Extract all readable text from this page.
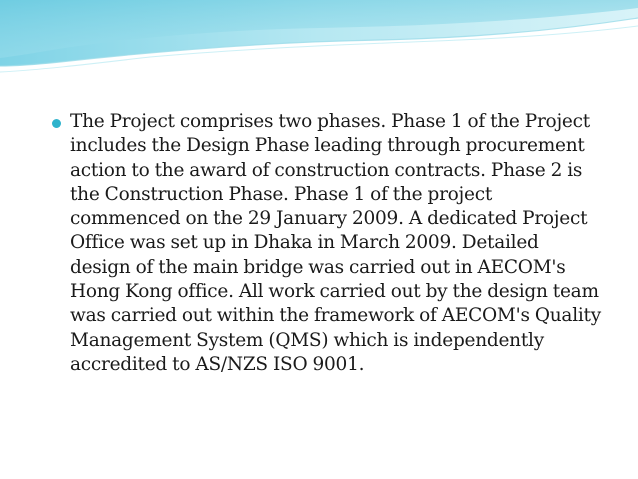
The Project comprises two phases. Phase 1 of the Project includes the Design Phase leading through procurement action to the award of construction contracts. Phase 2 is the Construction Phase. Phase 1 of the project commenced on the 29 January 2009. A dedicated Project Office was set up in Dhaka in March 2009. Detailed design of the main bridge was carried out in AECOM's Hong Kong office. All work carried out by the design team was carried out within the framework of AECOM's Quality Management System (QMS) which is independently accredited to AS/NZS ISO 9001.
